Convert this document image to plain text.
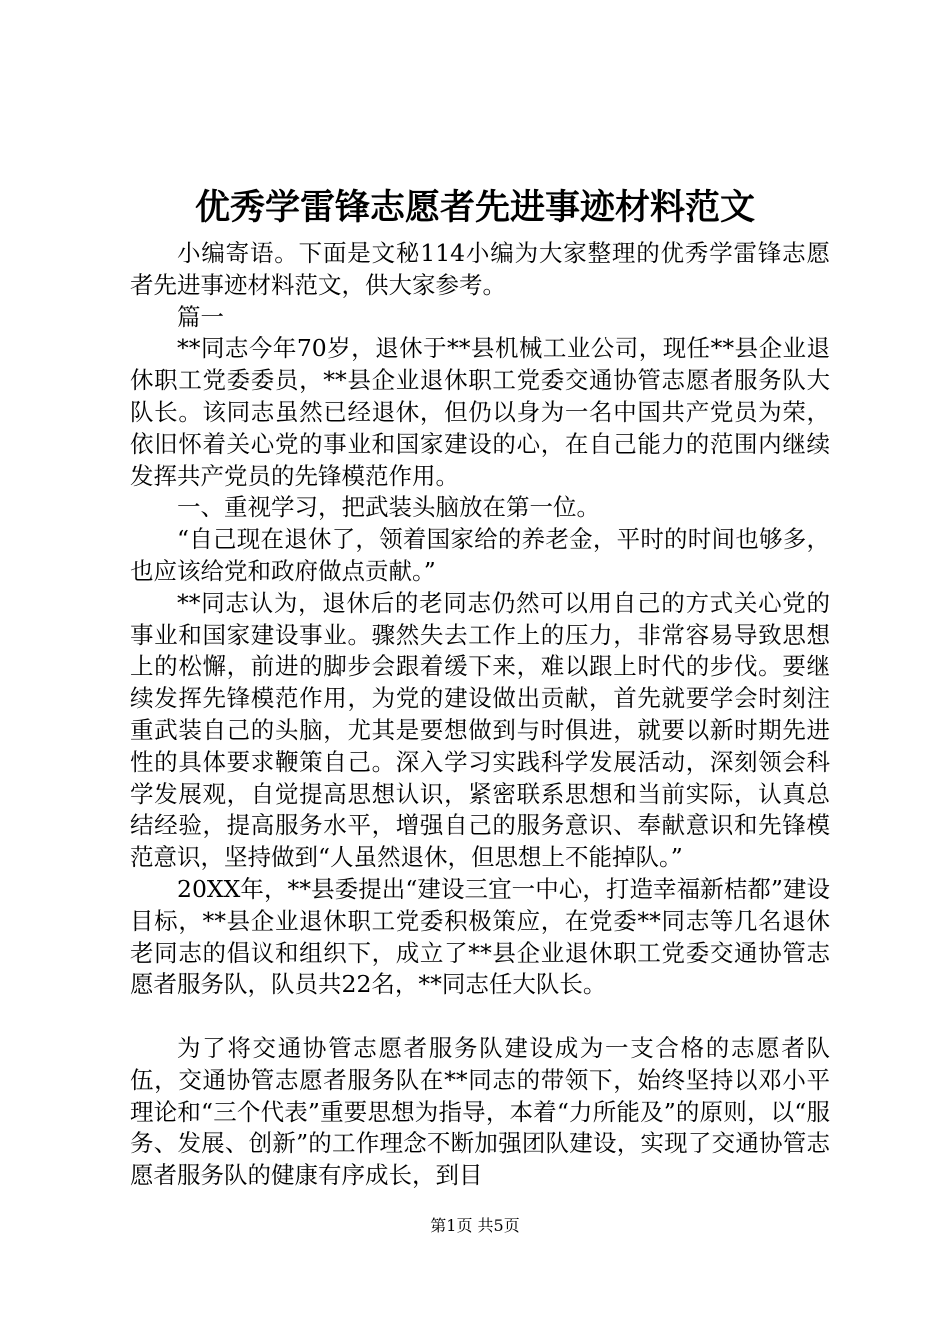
优秀学雷锋志愿者先进事迹材料范文

小编寄语。下面是文秘114小编为大家整理的优秀学雷锋志愿者先进事迹材料范文，供大家参考。

篇一

**同志今年70岁，退休于**县机械工业公司，现任**县企业退休职工党委委员，**县企业退休职工党委交通协管志愿者服务队大队长。该同志虽然已经退休，但仍以身为一名中国共产党员为荣，依旧怀着关心党的事业和国家建设的心，在自己能力的范围内继续发挥共产党员的先锋模范作用。

一、重视学习，把武装头脑放在第一位。

“自己现在退休了，领着国家给的养老金，平时的时间也够多，也应该给党和政府做点贡献。”

**同志认为，退休后的老同志仍然可以用自己的方式关心党的事业和国家建设事业。骤然失去工作上的压力，非常容易导致思想上的松懈，前进的脚步会跟着缓下来，难以跟上时代的步伐。要继续发挥先锋模范作用，为党的建设做出贡献，首先就要学会时刻注重武装自己的头脑，尤其是要想做到与时俱进，就要以新时期先进性的具体要求鞭策自己。深入学习实践科学发展活动，深刻领会科学发展观，自觉提高思想认识，紧密联系思想和当前实际，认真总结经验，提高服务水平，增强自己的服务意识、奉献意识和先锋模范意识，坚持做到“人虽然退休，但思想上不能掉队。”

20XX年，**县委提出“建设三宜一中心，打造幸福新桔都”建设目标，**县企业退休职工党委积极策应，在党委**同志等几名退休老同志的倡议和组织下，成立了**县企业退休职工党委交通协管志愿者服务队，队员共22名，**同志任大队长。

为了将交通协管志愿者服务队建设成为一支合格的志愿者队伍，交通协管志愿者服务队在**同志的带领下，始终坚持以邓小平理论和“三个代表”重要思想为指导，本着“力所能及”的原则，以“服务、发展、创新”的工作理念不断加强团队建设，实现了交通协管志愿者服务队的健康有序成长，到目

第1页 共5页
